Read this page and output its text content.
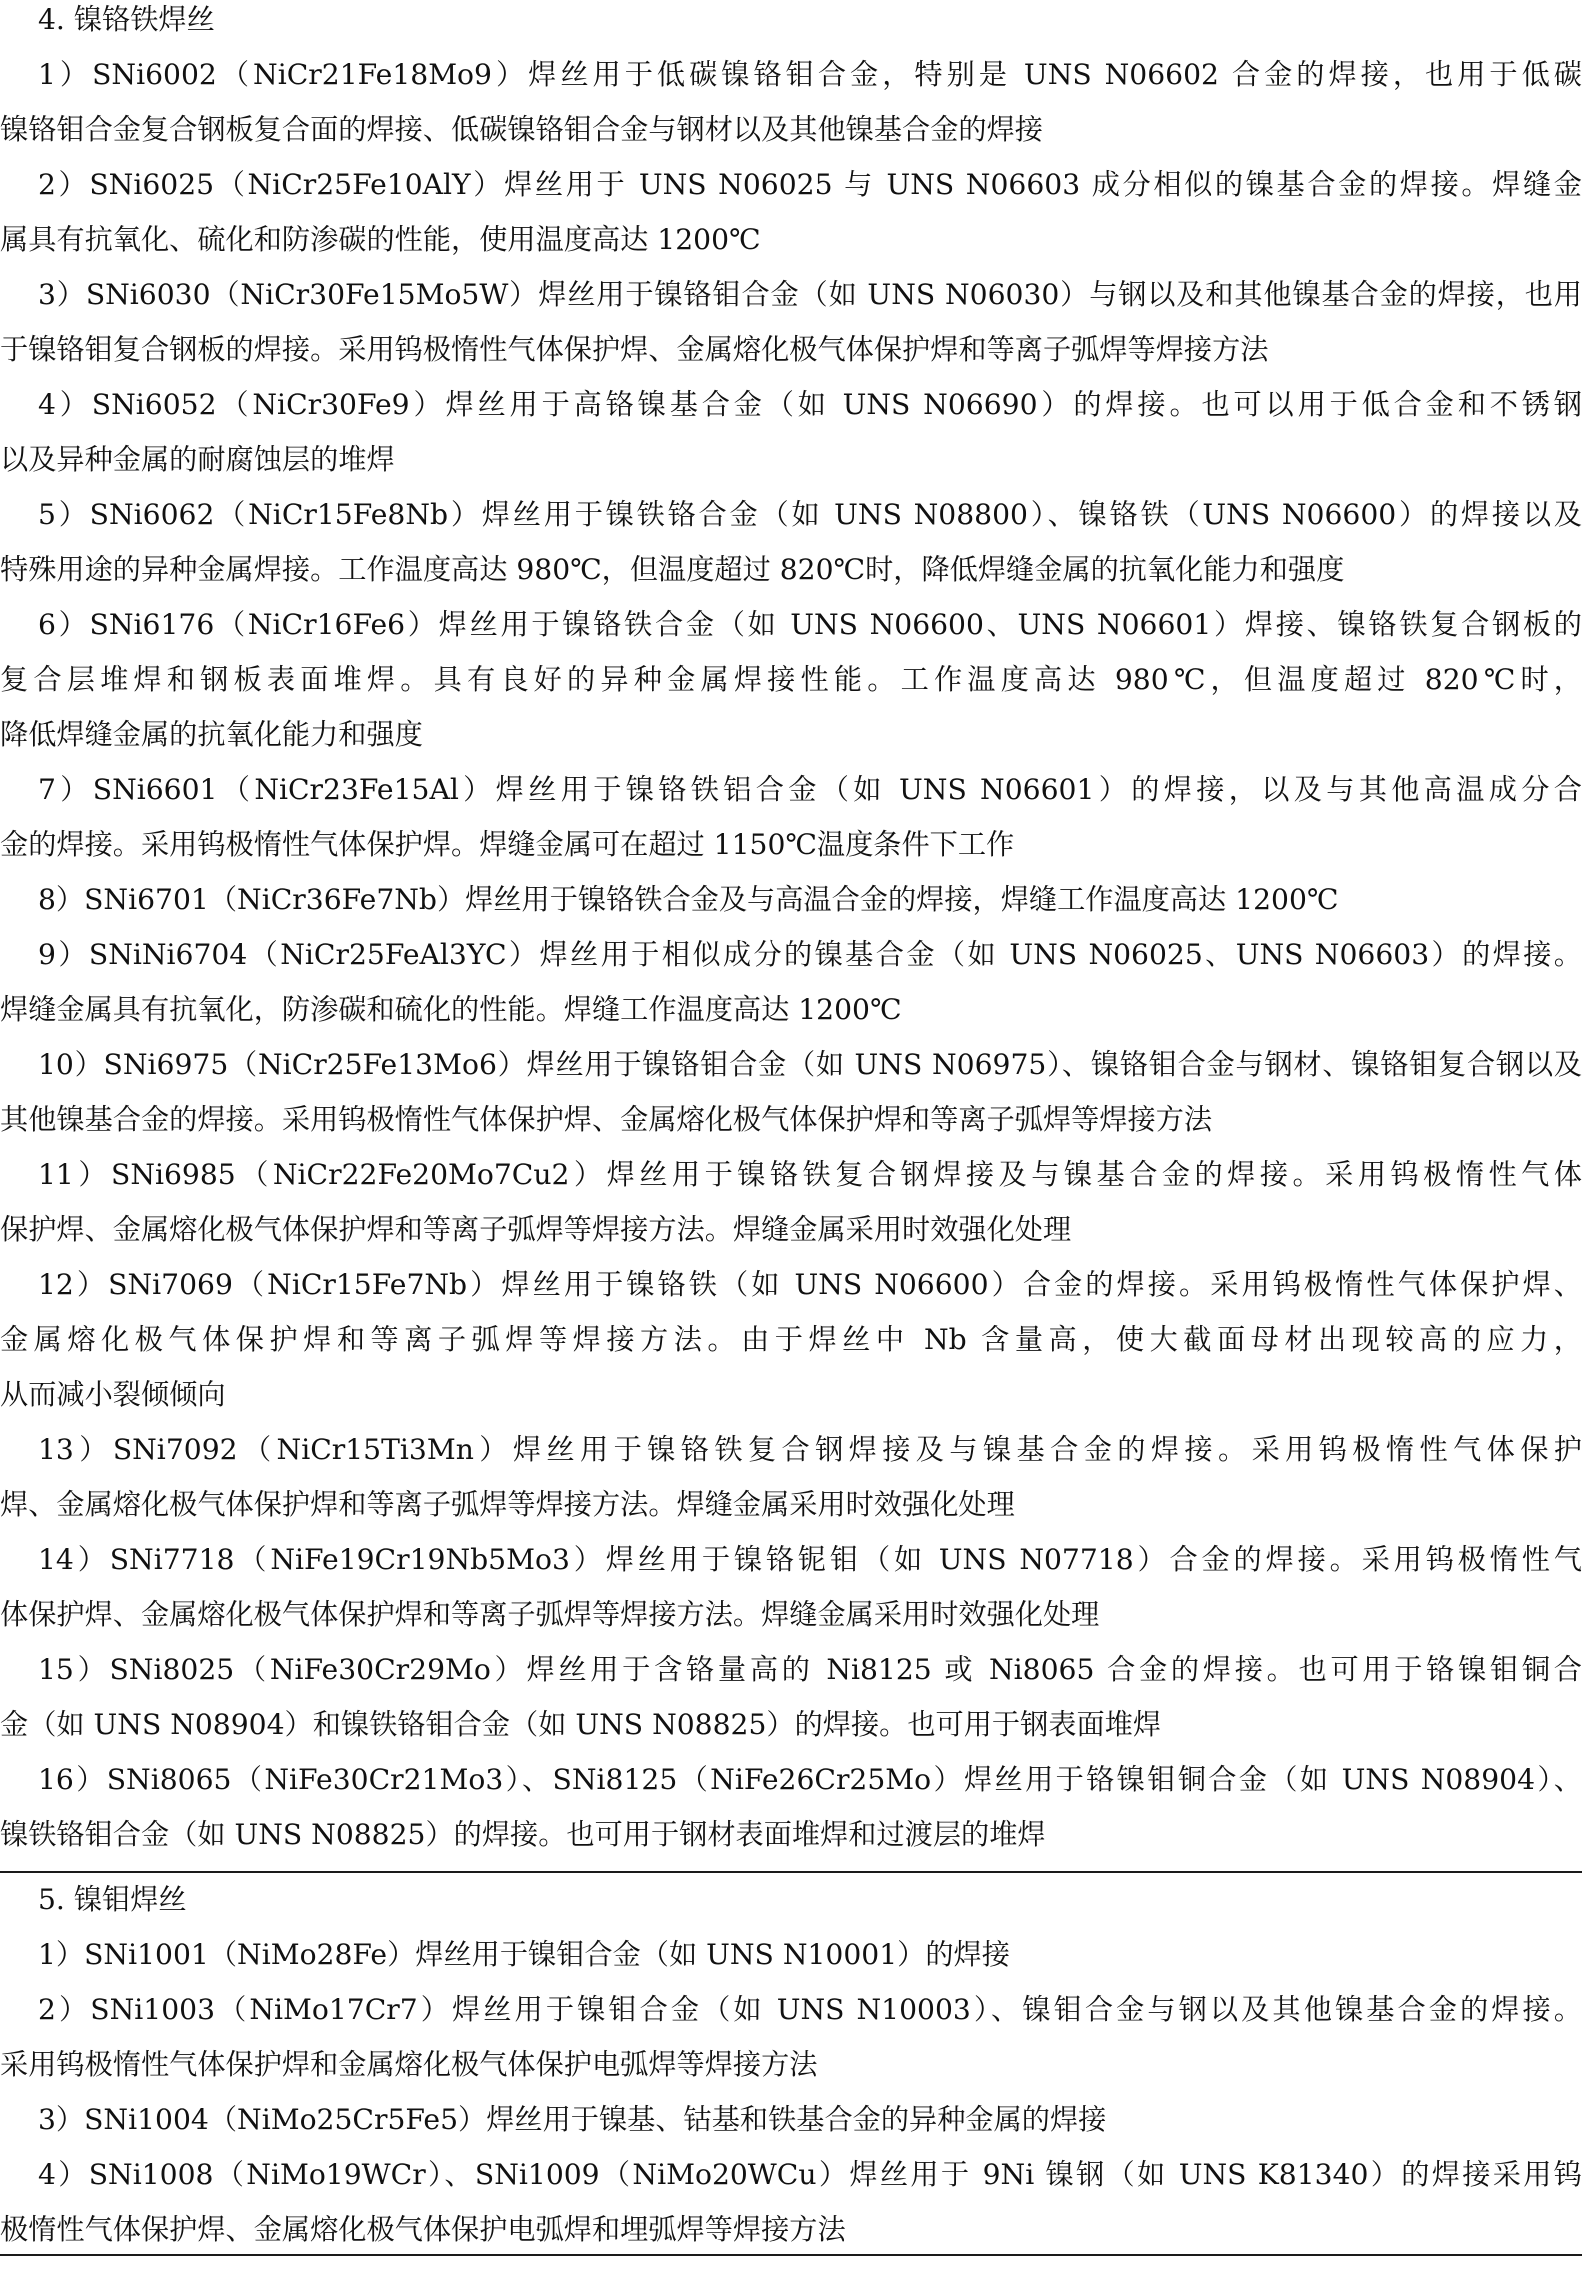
4. 镍铬铁焊丝
1）SNi6002（NiCr21Fe18Mo9）焊丝用于低碳镍铬钼合金，特别是 UNS N06602 合金的焊接，也用于低碳
镍铬钼合金复合钢板复合面的焊接、低碳镍铬钼合金与钢材以及其他镍基合金的焊接
2）SNi6025（NiCr25Fe10AlY）焊丝用于 UNS N06025 与 UNS N06603 成分相似的镍基合金的焊接。焊缝金
属具有抗氧化、硫化和防渗碳的性能，使用温度高达 1200℃
3）SNi6030（NiCr30Fe15Mo5W）焊丝用于镍铬钼合金（如 UNS N06030）与钢以及和其他镍基合金的焊接，也用
于镍铬钼复合钢板的焊接。采用钨极惰性气体保护焊、金属熔化极气体保护焊和等离子弧焊等焊接方法
4）SNi6052（NiCr30Fe9）焊丝用于高铬镍基合金（如 UNS N06690）的焊接。也可以用于低合金和不锈钢
以及异种金属的耐腐蚀层的堆焊
5）SNi6062（NiCr15Fe8Nb）焊丝用于镍铁铬合金（如 UNS N08800）、镍铬铁（UNS N06600）的焊接以及
特殊用途的异种金属焊接。工作温度高达 980℃，但温度超过 820℃时，降低焊缝金属的抗氧化能力和强度
6）SNi6176（NiCr16Fe6）焊丝用于镍铬铁合金（如 UNS N06600、UNS N06601）焊接、镍铬铁复合钢板的
复合层堆焊和钢板表面堆焊。具有良好的异种金属焊接性能。工作温度高达 980℃，但温度超过 820℃时，
降低焊缝金属的抗氧化能力和强度
7）SNi6601（NiCr23Fe15Al）焊丝用于镍铬铁铝合金（如 UNS N06601）的焊接，以及与其他高温成分合
金的焊接。采用钨极惰性气体保护焊。焊缝金属可在超过 1150℃温度条件下工作
8）SNi6701（NiCr36Fe7Nb）焊丝用于镍铬铁合金及与高温合金的焊接，焊缝工作温度高达 1200℃
9）SNiNi6704（NiCr25FeAl3YC）焊丝用于相似成分的镍基合金（如 UNS N06025、UNS N06603）的焊接。
焊缝金属具有抗氧化，防渗碳和硫化的性能。焊缝工作温度高达 1200℃
10）SNi6975（NiCr25Fe13Mo6）焊丝用于镍铬钼合金（如 UNS N06975）、镍铬钼合金与钢材、镍铬钼复合钢以及
其他镍基合金的焊接。采用钨极惰性气体保护焊、金属熔化极气体保护焊和等离子弧焊等焊接方法
11）SNi6985（NiCr22Fe20Mo7Cu2）焊丝用于镍铬铁复合钢焊接及与镍基合金的焊接。采用钨极惰性气体
保护焊、金属熔化极气体保护焊和等离子弧焊等焊接方法。焊缝金属采用时效强化处理
12）SNi7069（NiCr15Fe7Nb）焊丝用于镍铬铁（如 UNS N06600）合金的焊接。采用钨极惰性气体保护焊、
金属熔化极气体保护焊和等离子弧焊等焊接方法。由于焊丝中 Nb 含量高，使大截面母材出现较高的应力，
从而减小裂倾倾向
13）SNi7092（NiCr15Ti3Mn）焊丝用于镍铬铁复合钢焊接及与镍基合金的焊接。采用钨极惰性气体保护
焊、金属熔化极气体保护焊和等离子弧焊等焊接方法。焊缝金属采用时效强化处理
14）SNi7718（NiFe19Cr19Nb5Mo3）焊丝用于镍铬铌钼（如 UNS N07718）合金的焊接。采用钨极惰性气
体保护焊、金属熔化极气体保护焊和等离子弧焊等焊接方法。焊缝金属采用时效强化处理
15）SNi8025（NiFe30Cr29Mo）焊丝用于含铬量高的 Ni8125 或 Ni8065 合金的焊接。也可用于铬镍钼铜合
金（如 UNS N08904）和镍铁铬钼合金（如 UNS N08825）的焊接。也可用于钢表面堆焊
16）SNi8065（NiFe30Cr21Mo3）、SNi8125（NiFe26Cr25Mo）焊丝用于铬镍钼铜合金（如 UNS N08904）、
镍铁铬钼合金（如 UNS N08825）的焊接。也可用于钢材表面堆焊和过渡层的堆焊
5. 镍钼焊丝
1）SNi1001（NiMo28Fe）焊丝用于镍钼合金（如 UNS N10001）的焊接
2）SNi1003（NiMo17Cr7）焊丝用于镍钼合金（如 UNS N10003）、镍钼合金与钢以及其他镍基合金的焊接。
采用钨极惰性气体保护焊和金属熔化极气体保护电弧焊等焊接方法
3）SNi1004（NiMo25Cr5Fe5）焊丝用于镍基、钴基和铁基合金的异种金属的焊接
4）SNi1008（NiMo19WCr）、SNi1009（NiMo20WCu）焊丝用于 9Ni 镍钢（如 UNS K81340）的焊接采用钨
极惰性气体保护焊、金属熔化极气体保护电弧焊和埋弧焊等焊接方法
